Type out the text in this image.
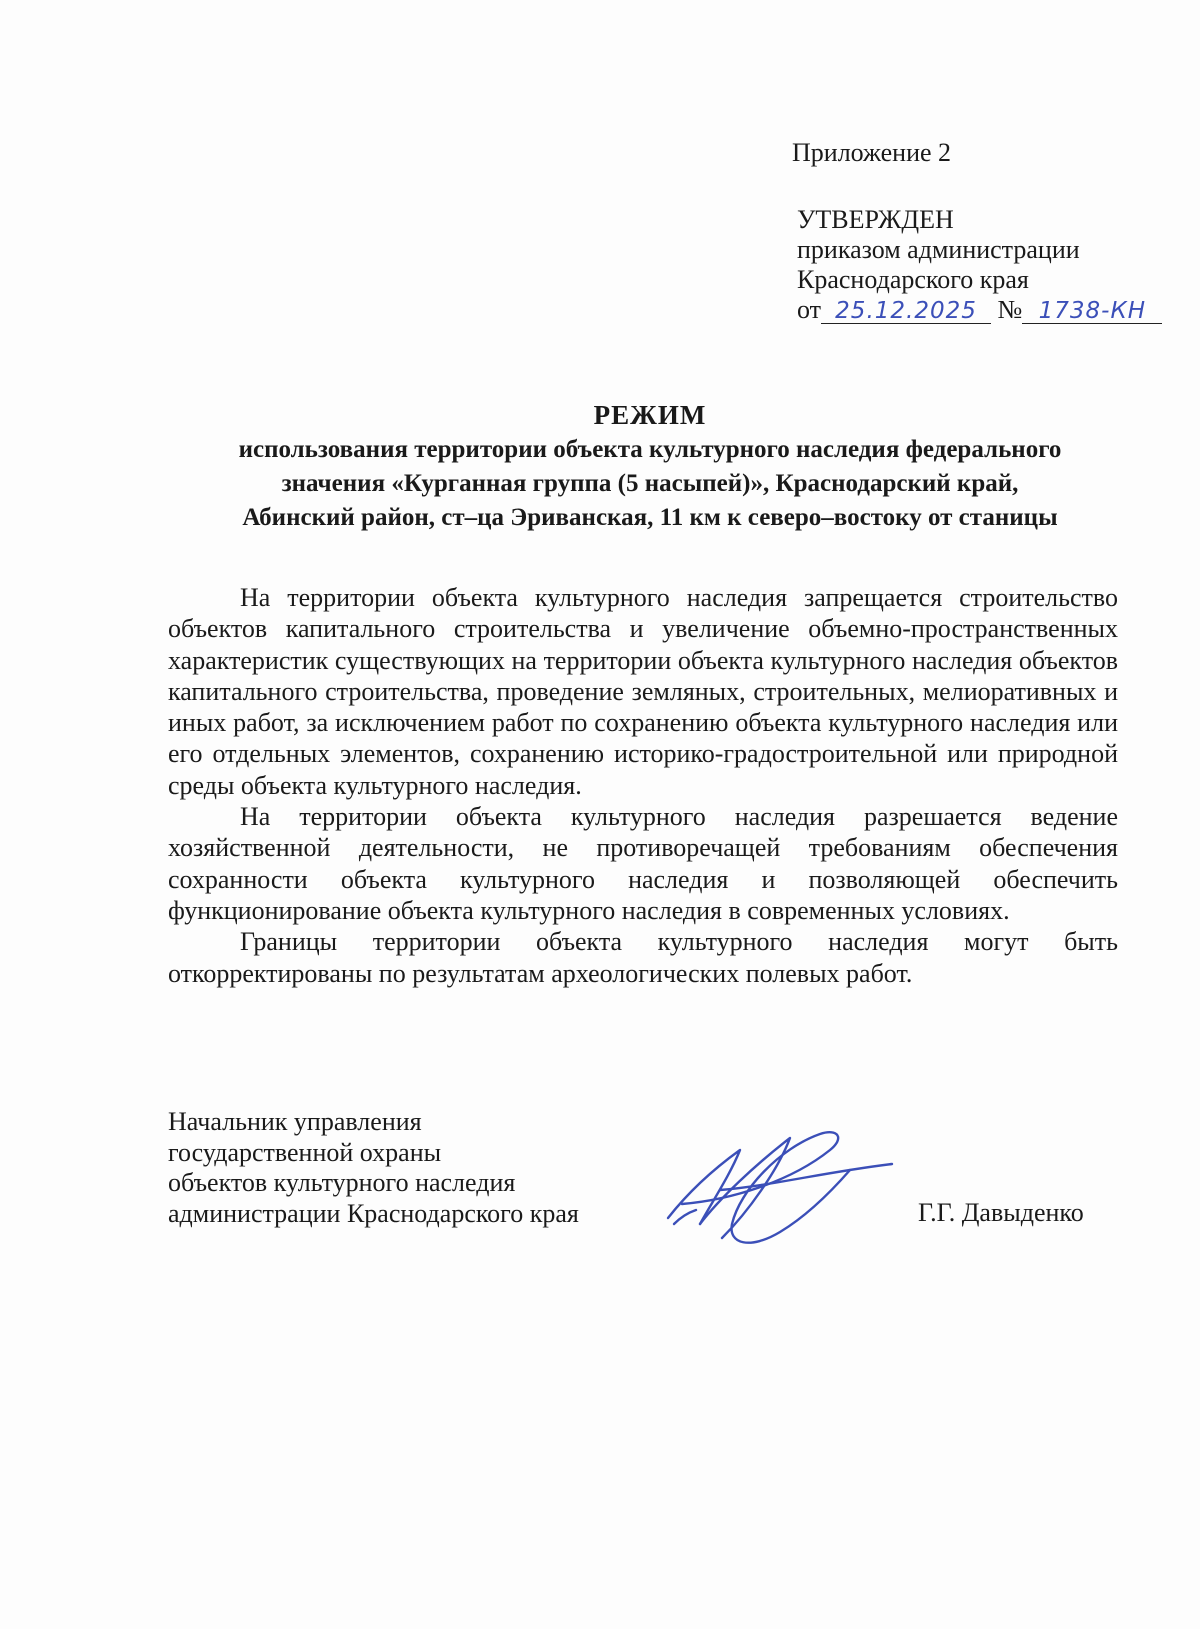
Приложение 2
УТВЕРЖДЕН
приказом администрации
Краснодарского края
от 25.12.2025 № 1738-КН
РЕЖИМ
использования территории объекта культурного наследия федерального
значения «Курганная группа (5 насыпей)», Краснодарский край,
Абинский район, ст–ца Эриванская, 11 км к северо–востоку от станицы

На территории объекта культурного наследия запрещается строительство объектов капитального строительства и увеличение объемно-пространственных характеристик существующих на территории объекта культурного наследия объектов капитального строительства, проведение земляных, строительных, мелиоративных и иных работ, за исключением работ по сохранению объекта культурного наследия или его отдельных элементов, сохранению историко-градостроительной или природной среды объекта культурного наследия.

На территории объекта культурного наследия разрешается ведение хозяйственной деятельности, не противоречащей требованиям обеспечения сохранности объекта культурного наследия и позволяющей обеспечить функционирование объекта культурного наследия в современных условиях.

Границы территории объекта культурного наследия могут быть откорректированы по результатам археологических полевых работ.

Начальник управления
государственной охраны
объектов культурного наследия
администрации Краснодарского края	Г.Г. Давыденко
